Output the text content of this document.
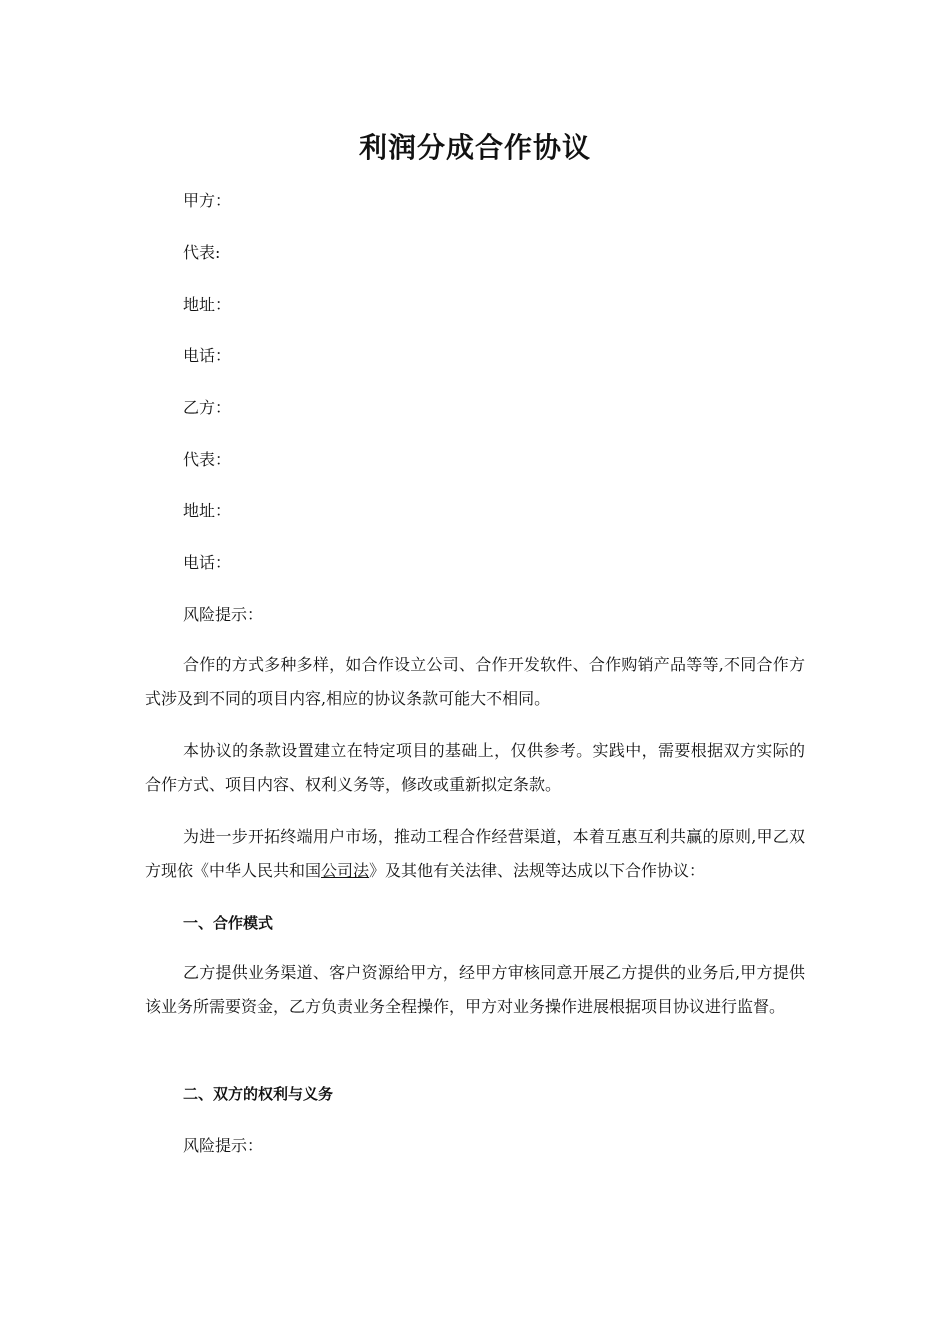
利润分成合作协议
甲方：
代表:
地址：
电话：
乙方：
代表：
地址：
电话：
风险提示：
合作的方式多种多样，如合作设立公司、合作开发软件、合作购销产品等等,不同合作方式涉及到不同的项目内容,相应的协议条款可能大不相同。
本协议的条款设置建立在特定项目的基础上，仅供参考。实践中，需要根据双方实际的合作方式、项目内容、权利义务等，修改或重新拟定条款。
为进一步开拓终端用户市场，推动工程合作经营渠道，本着互惠互利共赢的原则,甲乙双方现依《中华人民共和国公司法》及其他有关法律、法规等达成以下合作协议：
一、合作模式
乙方提供业务渠道、客户资源给甲方，经甲方审核同意开展乙方提供的业务后,甲方提供该业务所需要资金，乙方负责业务全程操作，甲方对业务操作进展根据项目协议进行监督。
二、双方的权利与义务
风险提示：
